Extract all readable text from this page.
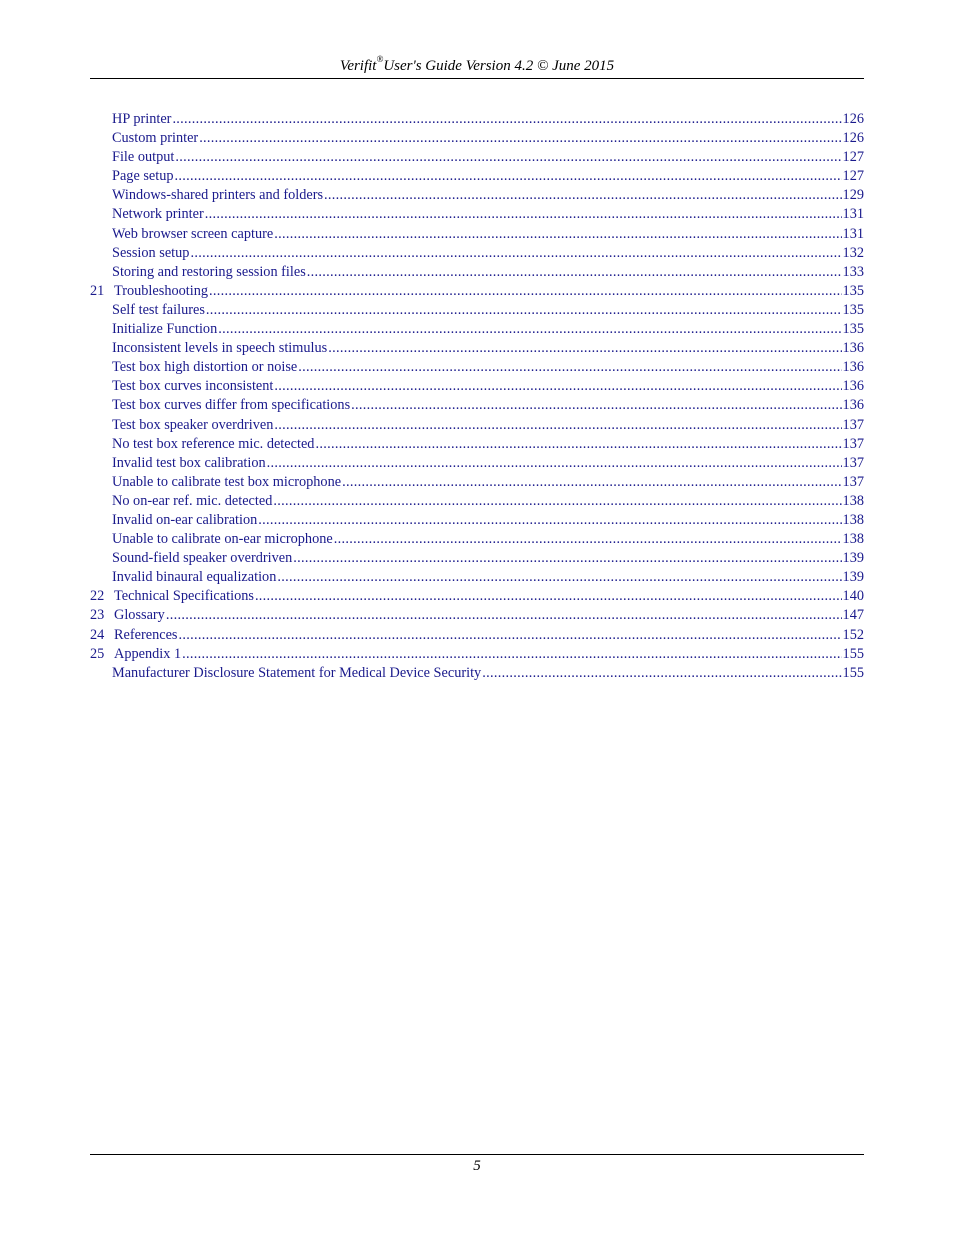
Verifit®User's Guide Version 4.2 © June 2015
HP printer .....	126
Custom printer .....	126
File output .....	127
Page setup .....	127
Windows-shared printers and folders .....	129
Network printer .....	131
Web browser screen capture .....	131
Session setup .....	132
Storing and restoring session files .....	133
21 Troubleshooting .....	135
Self test failures .....	135
Initialize Function .....	135
Inconsistent levels in speech stimulus .....	136
Test box high distortion or noise .....	136
Test box curves inconsistent .....	136
Test box curves differ from specifications .....	136
Test box speaker overdriven .....	137
No test box reference mic. detected .....	137
Invalid test box calibration .....	137
Unable to calibrate test box microphone .....	137
No on-ear ref. mic. detected .....	138
Invalid on-ear calibration .....	138
Unable to calibrate on-ear microphone .....	138
Sound-field speaker overdriven .....	139
Invalid binaural equalization .....	139
22 Technical Specifications .....	140
23 Glossary .....	147
24 References .....	152
25 Appendix 1 .....	155
Manufacturer Disclosure Statement for Medical Device Security .....	155
5
